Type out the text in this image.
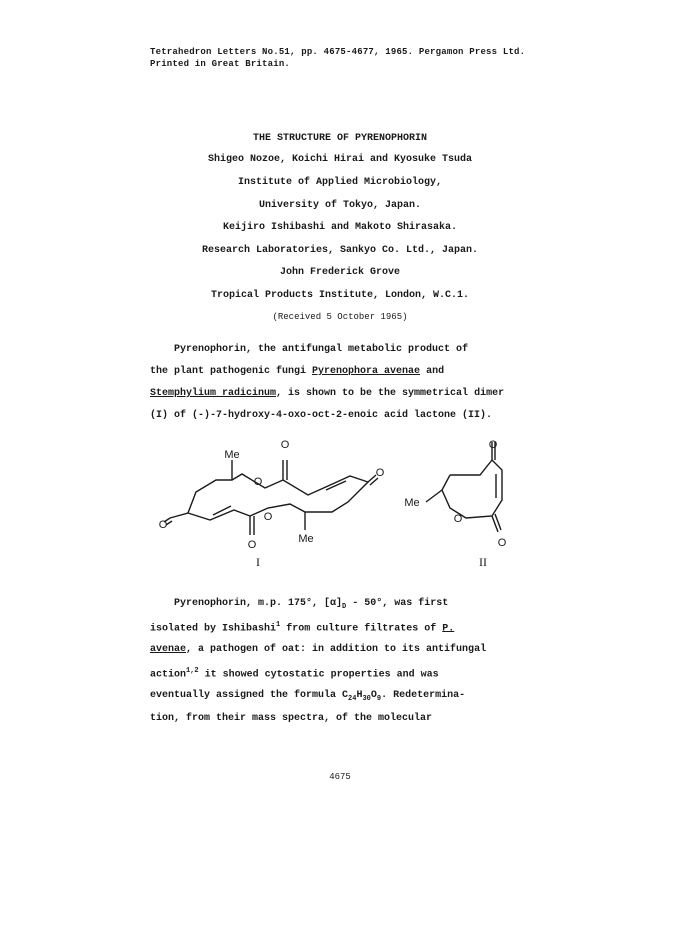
Tetrahedron Letters No.51, pp. 4675-4677, 1965. Pergamon Press Ltd.
Printed in Great Britain.
THE STRUCTURE OF PYRENOPHORIN
Shigeo Nozoe, Koichi Hirai and Kyosuke Tsuda
Institute of Applied Microbiology,
University of Tokyo, Japan.
Keijiro Ishibashi and Makoto Shirasaka.
Research Laboratories, Sankyo Co. Ltd., Japan.
John Frederick Grove
Tropical Products Institute, London, W.C.1.
(Received 5 October 1965)
Pyrenophorin, the antifungal metabolic product of
the plant pathogenic fungi Pyrenophora avenae and
Stemphylium radicinum, is shown to be the symmetrical dimer
(I) of (-)-7-hydroxy-4-oxo-oct-2-enoic acid lactone (II).
Me
O
O
O
O
O
O	Me
O
Me
O
O
I	II
Pyrenophorin, m.p. 175°, $[\alpha]_D - 50^\circ$, was first
isolated by Ishibashi$^1$ from culture filtrates of P.
avenae, a pathogen of oat: in addition to its antifungal
action$^{1,2}$ it showed cytostatic properties and was
eventually assigned the formula $C_{24}H_{30}O_9$. Redetermina-
tion, from their mass spectra, of the molecular
4675
